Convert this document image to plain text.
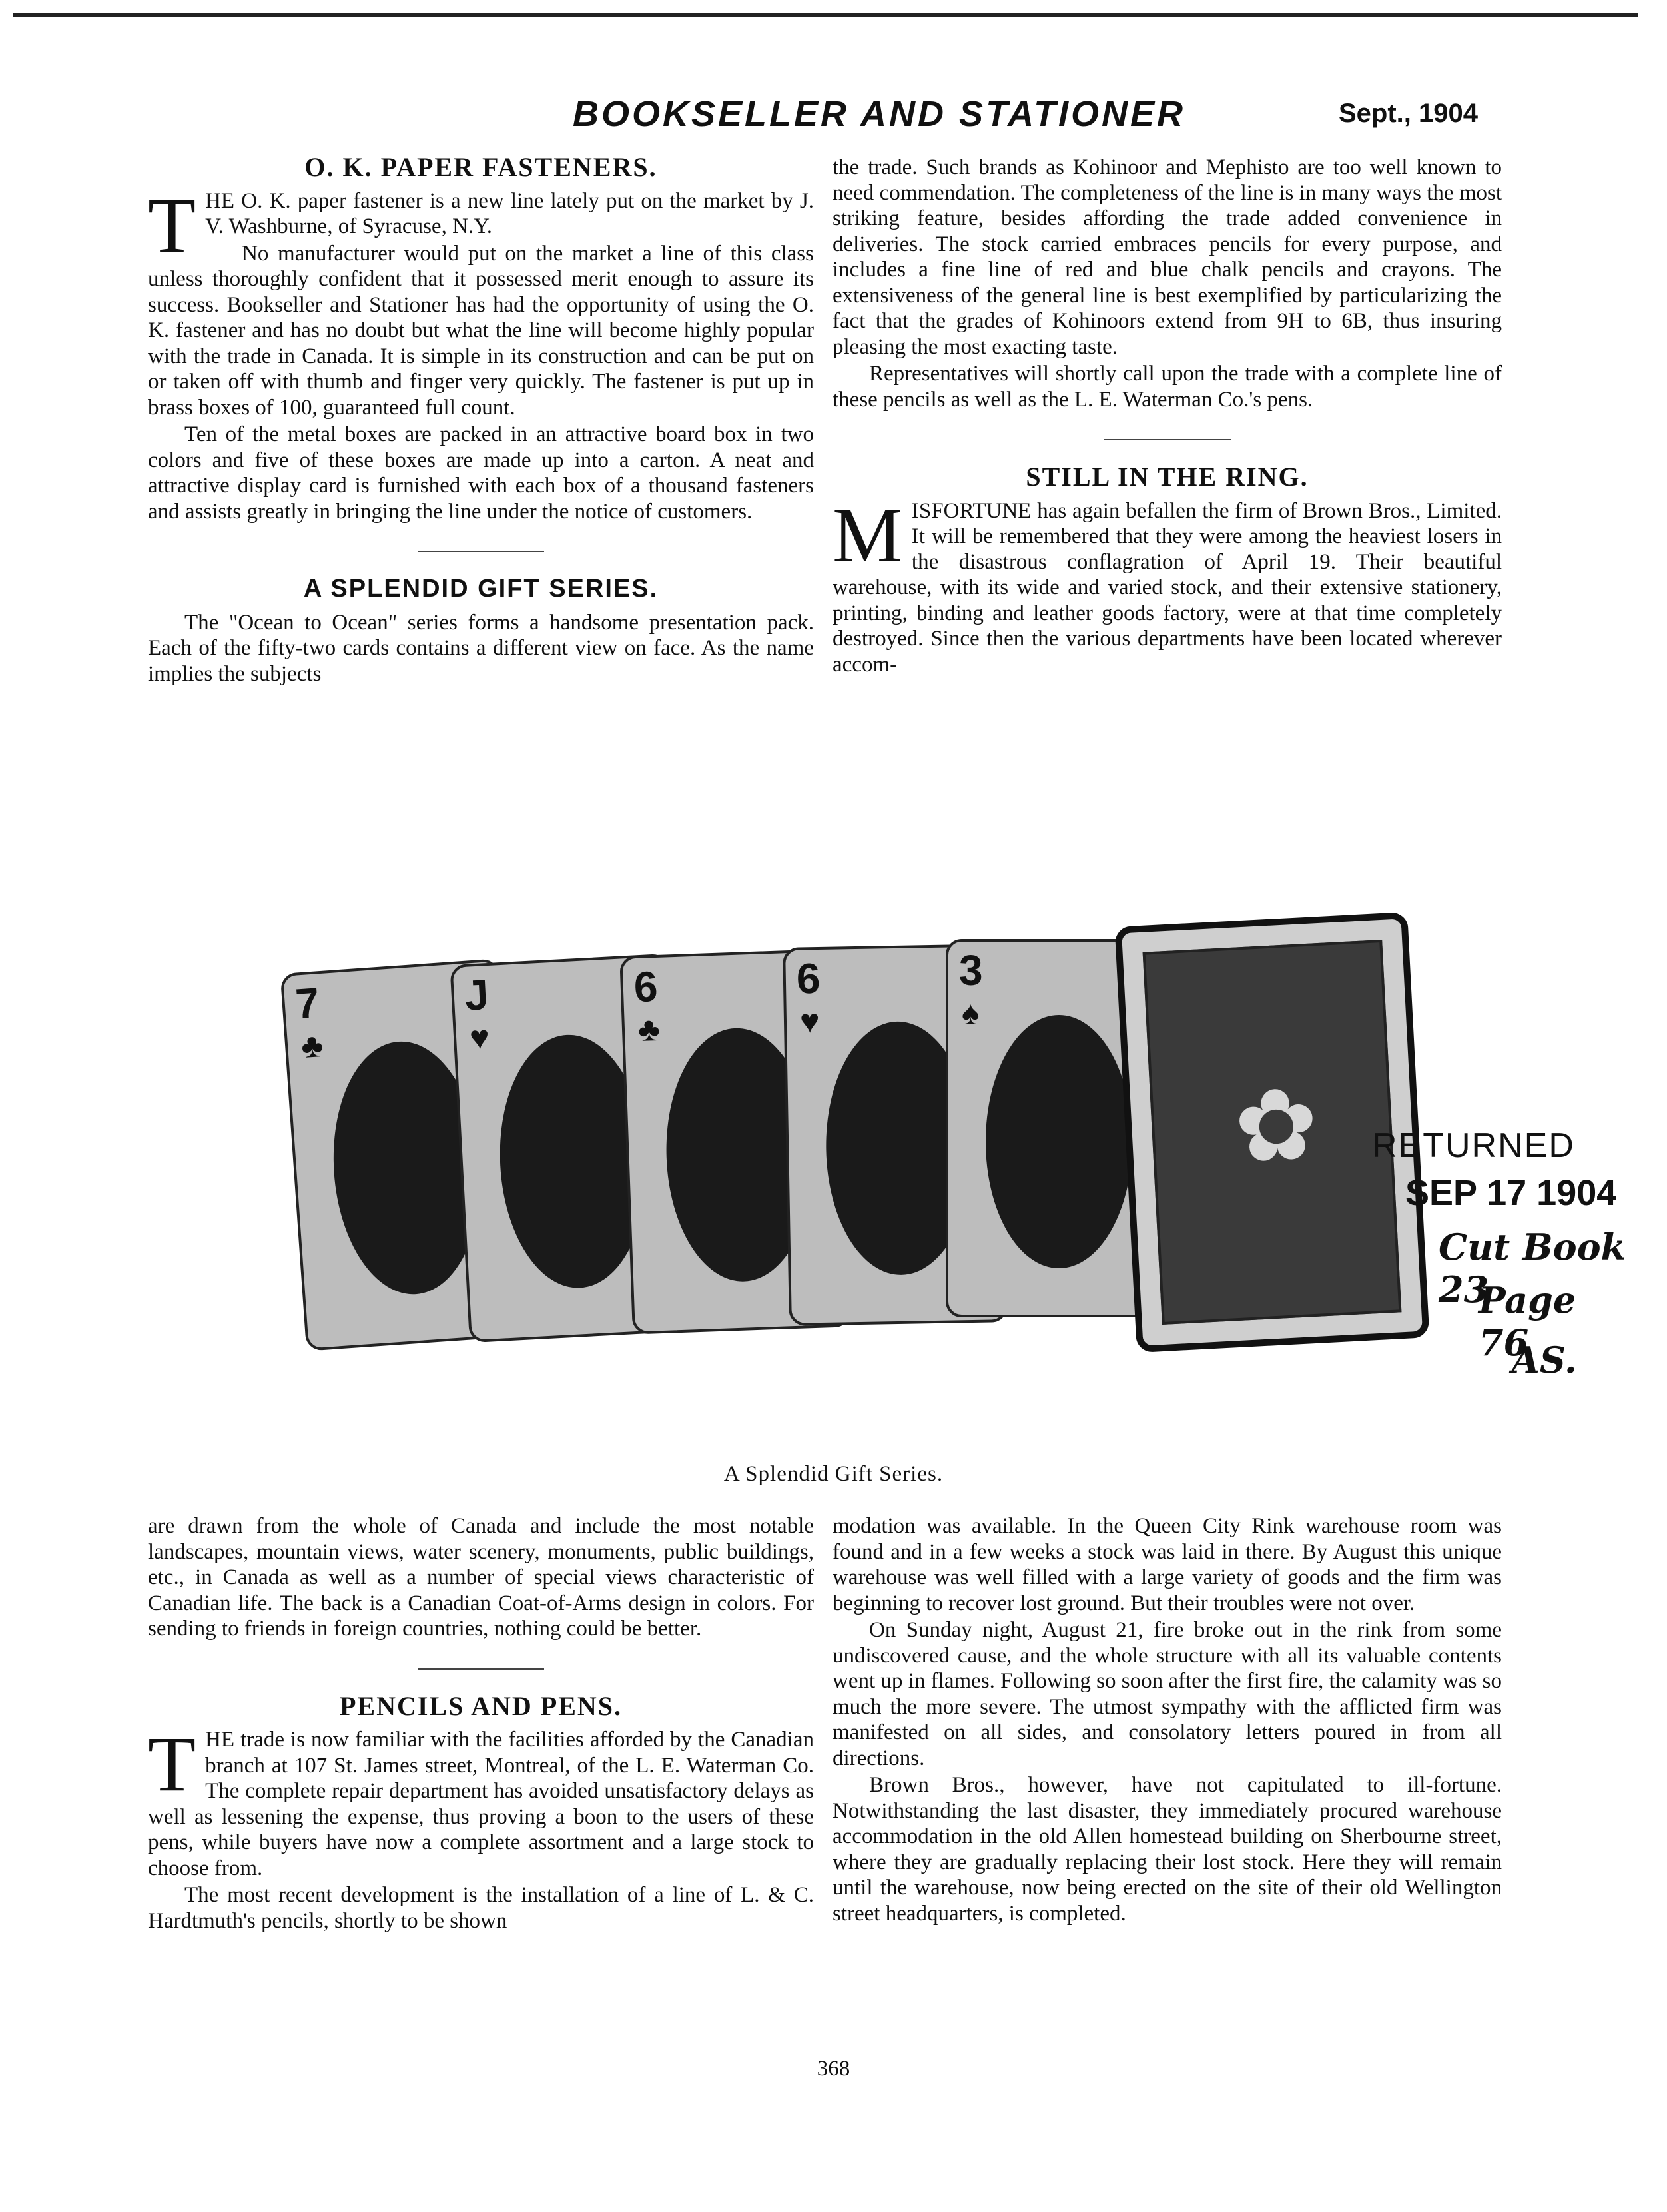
BOOKSELLER AND STATIONER	Sept., 1904
O. K. PAPER FASTENERS.

THE O. K. paper fastener is a new line lately put on the market by J. V. Washburne, of Syracuse, N.Y.

No manufacturer would put on the market a line of this class unless thoroughly confident that it possessed merit enough to assure its success. Bookseller and Stationer has had the opportunity of using the O. K. fastener and has no doubt but what the line will become highly popular with the trade in Canada. It is simple in its construction and can be put on or taken off with thumb and finger very quickly. The fastener is put up in brass boxes of 100, guaranteed full count.

Ten of the metal boxes are packed in an attractive board box in two colors and five of these boxes are made up into a carton. A neat and attractive display card is furnished with each box of a thousand fasteners and assists greatly in bringing the line under the notice of customers.

A SPLENDID GIFT SERIES.

The "Ocean to Ocean" series forms a handsome presentation pack. Each of the fifty-two cards contains a different view on face. As the name implies the subjects

the trade. Such brands as Kohinoor and Mephisto are too well known to need commendation. The completeness of the line is in many ways the most striking feature, besides affording the trade added convenience in deliveries. The stock carried embraces pencils for every purpose, and includes a fine line of red and blue chalk pencils and crayons. The extensiveness of the general line is best exemplified by particularizing the fact that the grades of Kohinoors extend from 9H to 6B, thus insuring pleasing the most exacting taste.

Representatives will shortly call upon the trade with a complete line of these pencils as well as the L. E. Waterman Co.'s pens.

STILL IN THE RING.

MISFORTUNE has again befallen the firm of Brown Bros., Limited. It will be remembered that they were among the heaviest losers in the disastrous conflagration of April 19. Their beautiful warehouse, with its wide and varied stock, and their extensive stationery, printing, binding and leather goods factory, were at that time completely destroyed. Since then the various departments have been located wherever accom-

7
♣
J
♥
6
♣
6
♥
3
♠
✿ RETURNED
SEP 17 1904
Cut Book 23
Page 76
AS.
A Splendid Gift Series.

are drawn from the whole of Canada and include the most notable landscapes, mountain views, water scenery, monuments, public buildings, etc., in Canada as well as a number of special views characteristic of Canadian life. The back is a Canadian Coat-of-Arms design in colors. For sending to friends in foreign countries, nothing could be better.

PENCILS AND PENS.

THE trade is now familiar with the facilities afforded by the Canadian branch at 107 St. James street, Montreal, of the L. E. Waterman Co. The complete repair department has avoided unsatisfactory delays as well as lessening the expense, thus proving a boon to the users of these pens, while buyers have now a complete assortment and a large stock to choose from.

The most recent development is the installation of a line of L. & C. Hardtmuth's pencils, shortly to be shown

modation was available. In the Queen City Rink warehouse room was found and in a few weeks a stock was laid in there. By August this unique warehouse was well filled with a large variety of goods and the firm was beginning to recover lost ground. But their troubles were not over.

On Sunday night, August 21, fire broke out in the rink from some undiscovered cause, and the whole structure with all its valuable contents went up in flames. Following so soon after the first fire, the calamity was so much the more severe. The utmost sympathy with the afflicted firm was manifested on all sides, and consolatory letters poured in from all directions.

Brown Bros., however, have not capitulated to ill-fortune. Notwithstanding the last disaster, they immediately procured warehouse accommodation in the old Allen homestead building on Sherbourne street, where they are gradually replacing their lost stock. Here they will remain until the warehouse, now being erected on the site of their old Wellington street headquarters, is completed.

368
